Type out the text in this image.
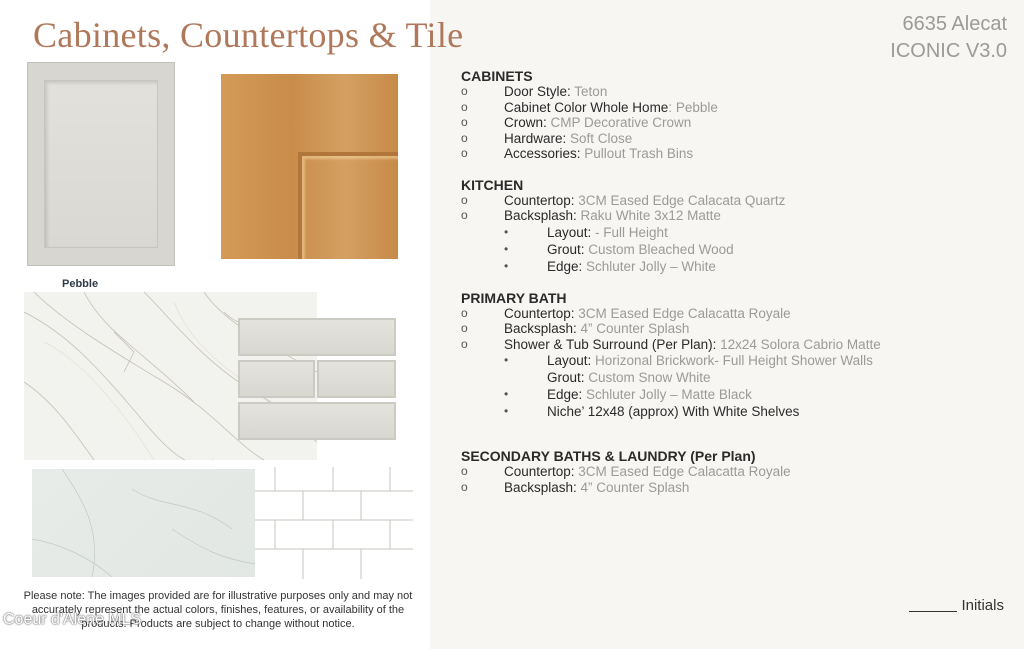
Cabinets, Countertops & Tile	6635 Alecat
ICONIC V3.0
Pebble
Please note: The images provided are for illustrative purposes only and may not accurately represent the actual colors, finishes, features, or availability of the products. Products are subject to change without notice.
Coeur d'Alene MLS
CABINETS
o	Door Style: Teton
o	Cabinet Color Whole Home: Pebble
o	Crown: CMP Decorative Crown
o	Hardware: Soft Close
o	Accessories: Pullout Trash Bins
KITCHEN
o	Countertop: 3CM Eased Edge Calacata Quartz
o	Backsplash: Raku White 3x12 Matte
•	Layout: - Full Height
•	Grout: Custom Bleached Wood
•	Edge: Schluter Jolly – White
PRIMARY BATH
o	Countertop: 3CM Eased Edge Calacatta Royale
o	Backsplash: 4” Counter Splash
o	Shower & Tub Surround (Per Plan): 12x24 Solora Cabrio Matte
•	Layout: Horizonal Brickwork- Full Height Shower Walls
Grout: Custom Snow White
•	Edge: Schluter Jolly – Matte Black
•	Niche’ 12x48 (approx) With White Shelves
SECONDARY BATHS & LAUNDRY (Per Plan)
o	Countertop: 3CM Eased Edge Calacatta Royale
o	Backsplash: 4” Counter Splash
Initials
